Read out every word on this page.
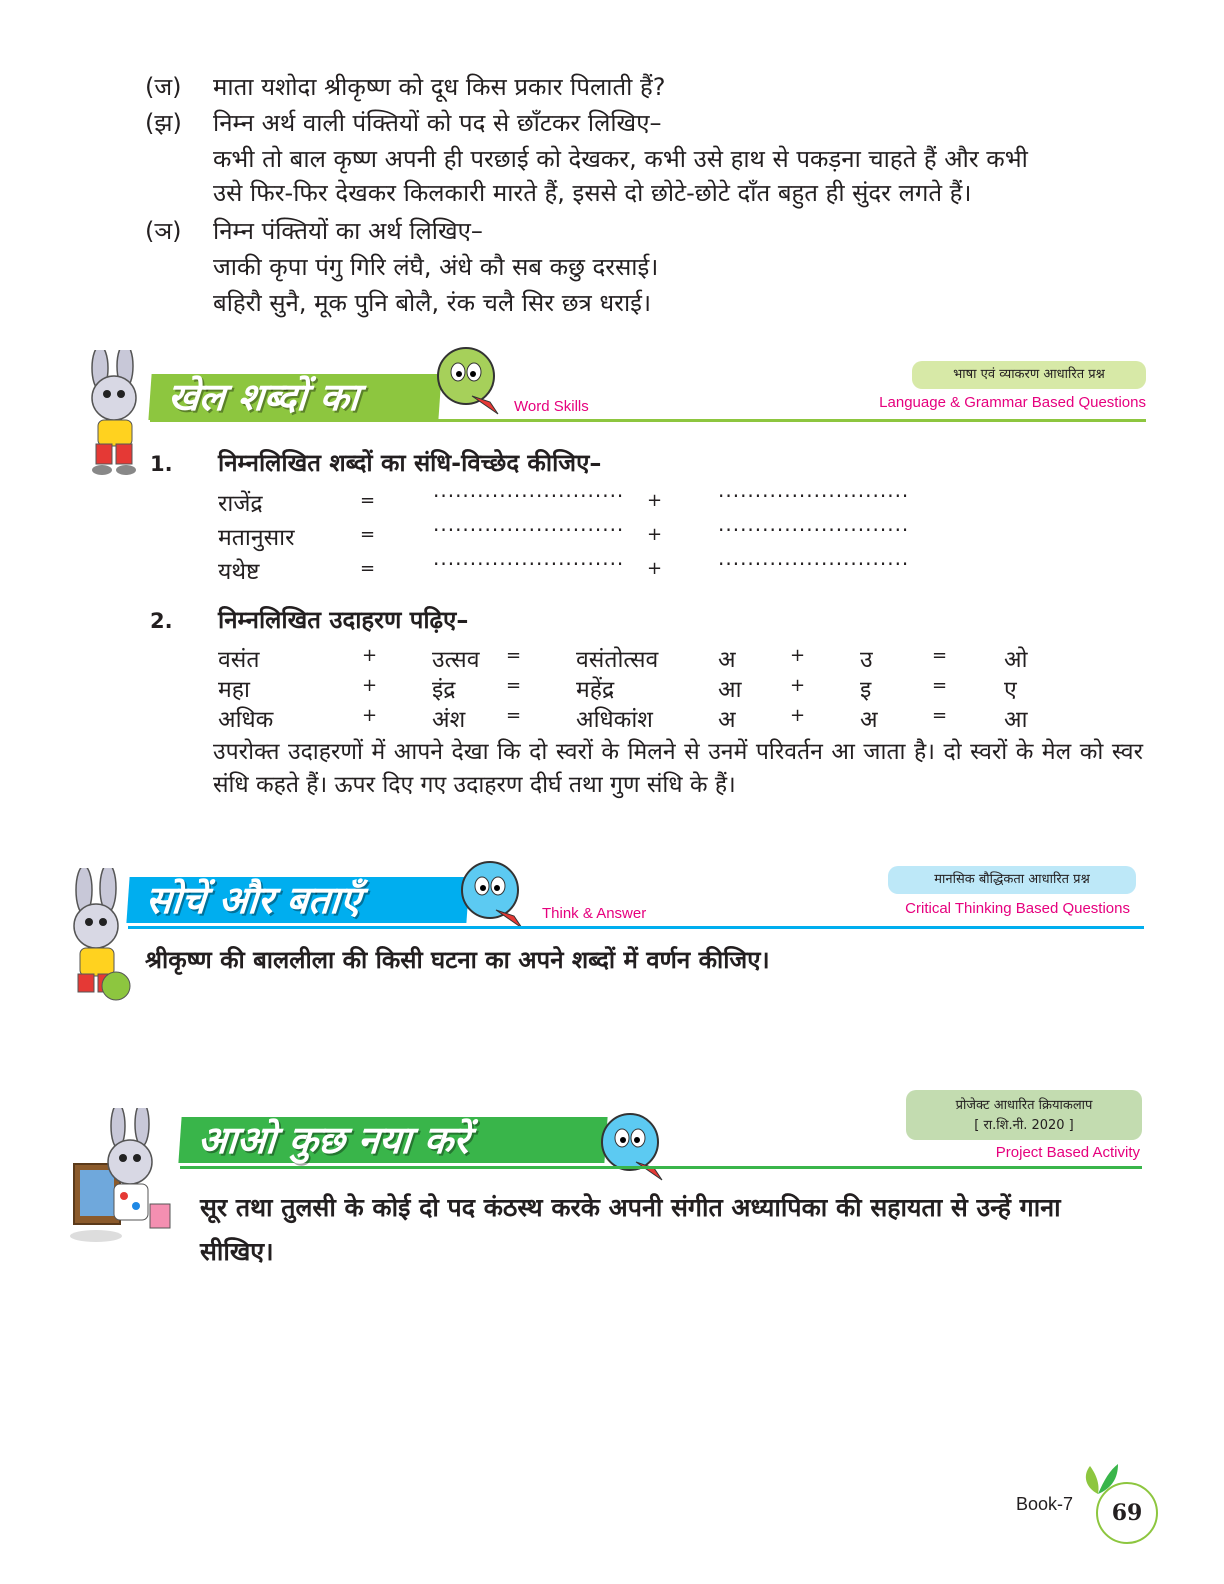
(ज) माता यशोदा श्रीकृष्ण को दूध किस प्रकार पिलाती हैं?
(झ) निम्न अर्थ वाली पंक्तियों को पद से छाँटकर लिखिए–
कभी तो बाल कृष्ण अपनी ही परछाई को देखकर, कभी उसे हाथ से पकड़ना चाहते हैं और कभी
उसे फिर-फिर देखकर किलकारी मारते हैं, इससे दो छोटे-छोटे दाँत बहुत ही सुंदर लगते हैं।
(ञ) निम्न पंक्तियों का अर्थ लिखिए–
जाकी कृपा पंगु गिरि लंघै, अंधे कौ सब कछु दरसाई।
बहिरौ सुनै, मूक पुनि बोलै, रंक चलै सिर छत्र धराई।
खेल शब्दों का	Word Skills
भाषा एवं व्याकरण आधारित प्रश्न
Language & Grammar Based Questions
1. निम्नलिखित शब्दों का संधि-विच्छेद कीजिए–
राजेंद्र	=	.......................... +	..........................
मतानुसार	=	.......................... +	..........................
यथेष्ट	=	.......................... +	..........................
2. निम्नलिखित उदाहरण पढ़िए–
वसंत	+ उत्सव = वसंतोत्सव	अ	+ उ	= ओ
महा	+ इंद्र	= महेंद्र	आ	+ इ	= ए
अधिक	+ अंश = अधिकांश	अ	+ अ	= आ
उपरोक्त उदाहरणों में आपने देखा कि दो स्वरों के मिलने से उनमें परिवर्तन आ जाता है। दो स्वरों के मेल को स्वर संधि कहते हैं। ऊपर दिए गए उदाहरण दीर्घ तथा गुण संधि के हैं।
सोचें और बताएँ	Think & Answer
मानसिक बौद्धिकता आधारित प्रश्न
Critical Thinking Based Questions
श्रीकृष्ण की बाललीला की किसी घटना का अपने शब्दों में वर्णन कीजिए।
आओ कुछ नया करें
प्रोजेक्ट आधारित क्रियाकलाप
[ रा.शि.नी. 2020 ]
Project Based Activity
सूर तथा तुलसी के कोई दो पद कंठस्थ करके अपनी संगीत अध्यापिका की सहायता से उन्हें गाना सीखिए।
Book-7	69
